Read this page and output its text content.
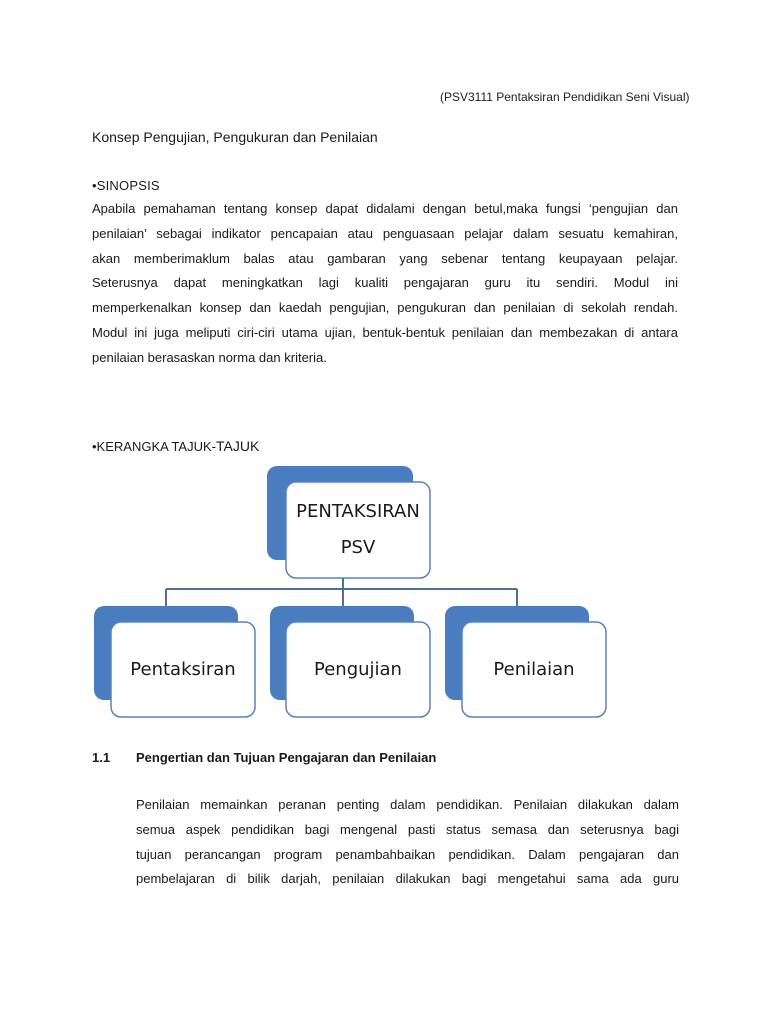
(PSV3111 Pentaksiran Pendidikan Seni Visual)
Konsep Pengujian, Pengukuran dan Penilaian
•SINOPSIS
Apabila pemahaman tentang konsep dapat didalami dengan betul,maka fungsi ‘pengujian dan
penilaian’ sebagai indikator pencapaian atau penguasaan pelajar dalam sesuatu kemahiran,
akan memberimaklum balas atau gambaran yang sebenar tentang keupayaan pelajar.
Seterusnya dapat meningkatkan lagi kualiti pengajaran guru itu sendiri. Modul ini
memperkenalkan konsep dan kaedah pengujian, pengukuran dan penilaian di sekolah rendah.
Modul ini juga meliputi ciri-ciri utama ujian, bentuk-bentuk penilaian dan membezakan di antara
penilaian berasaskan norma dan kriteria.
•KERANGKA TAJUK-TAJUK
PENTAKSIRAN
PSV
Pentaksiran	Pengujian	Penilaian
1.1 Pengertian dan Tujuan Pengajaran dan Penilaian
Penilaian memainkan peranan penting dalam pendidikan. Penilaian dilakukan dalam
semua aspek pendidikan bagi mengenal pasti status semasa dan seterusnya bagi
tujuan perancangan program penambahbaikan pendidikan. Dalam pengajaran dan
pembelajaran di bilik darjah, penilaian dilakukan bagi mengetahui sama ada guru
